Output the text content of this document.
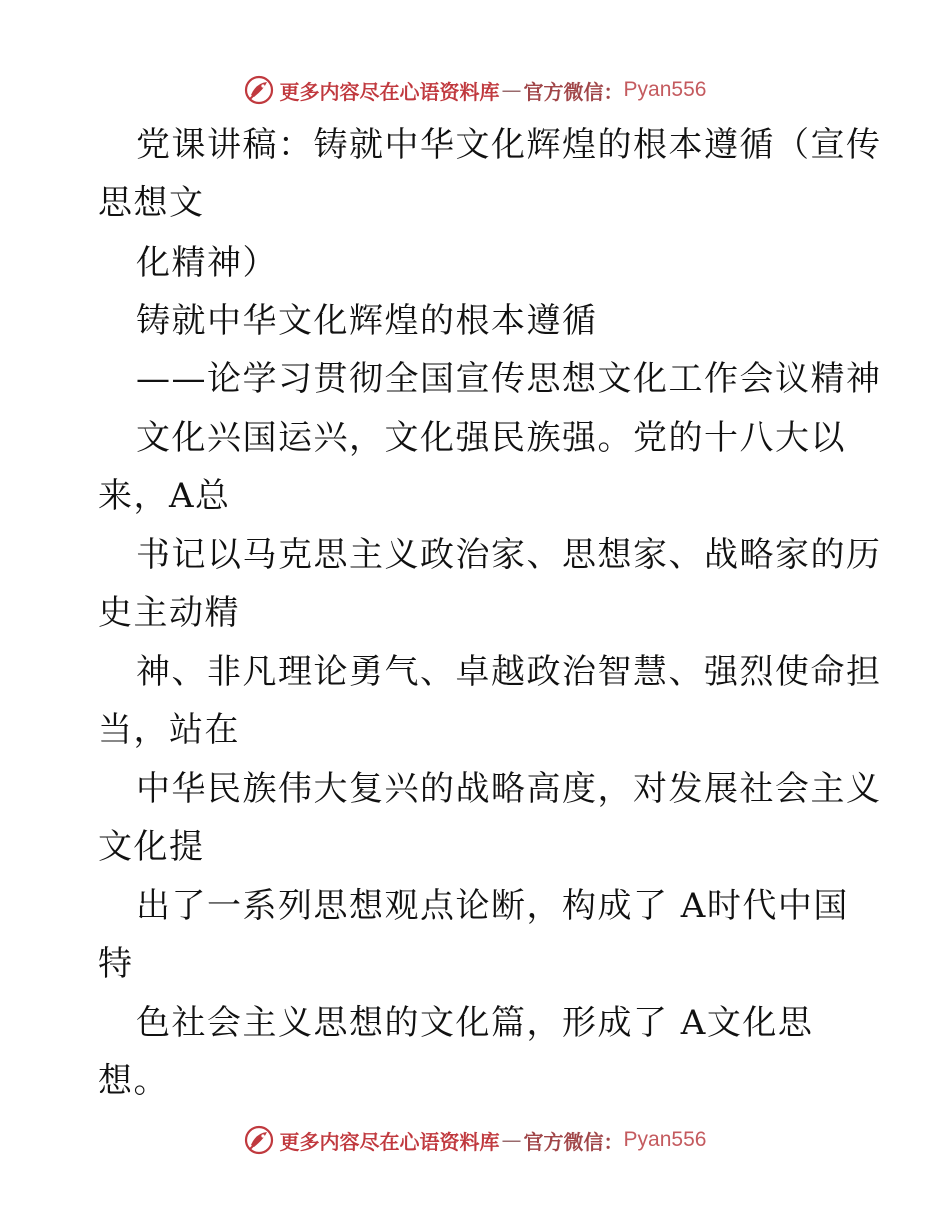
更多内容尽在心语资料库 — 官方微信： Pyan556
党课讲稿：铸就中华文化辉煌的根本遵循（宣传
思想文
化精神）
铸就中华文化辉煌的根本遵循
——论学习贯彻全国宣传思想文化工作会议精神
文化兴国运兴，文化强民族强。党的十八大以
来，A总
书记以马克思主义政治家、思想家、战略家的历
史主动精
神、非凡理论勇气、卓越政治智慧、强烈使命担
当，站在
中华民族伟大复兴的战略高度，对发展社会主义
文化提
出了一系列思想观点论断，构成了 A时代中国
特
色社会主义思想的文化篇，形成了 A文化思
想。
更多内容尽在心语资料库 — 官方微信： Pyan556
